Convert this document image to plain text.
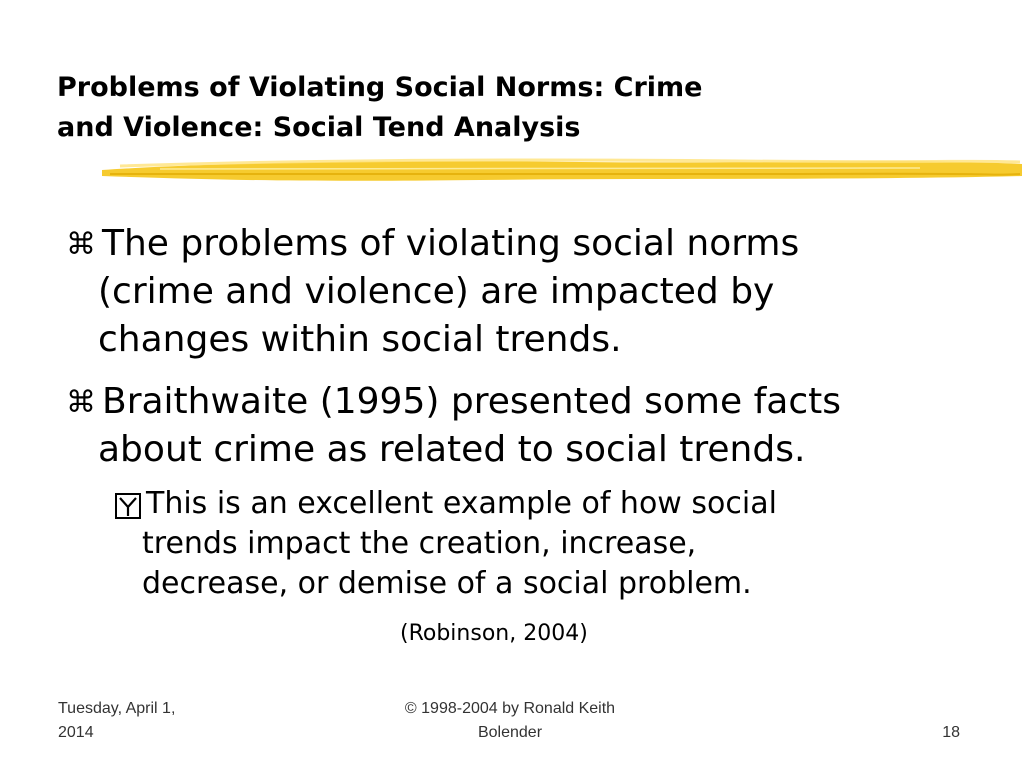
Problems of Violating Social Norms: Crime
and Violence: Social Tend Analysis
⌘ The problems of violating social norms
(crime and violence) are impacted by
changes within social trends.
⌘ Braithwaite (1995) presented some facts
about crime as related to social trends.
This is an excellent example of how social
trends impact the creation, increase,
decrease, or demise of a social problem.
(Robinson, 2004)
Tuesday, April 1,
2014
© 1998-2004 by Ronald Keith
Bolender	18
